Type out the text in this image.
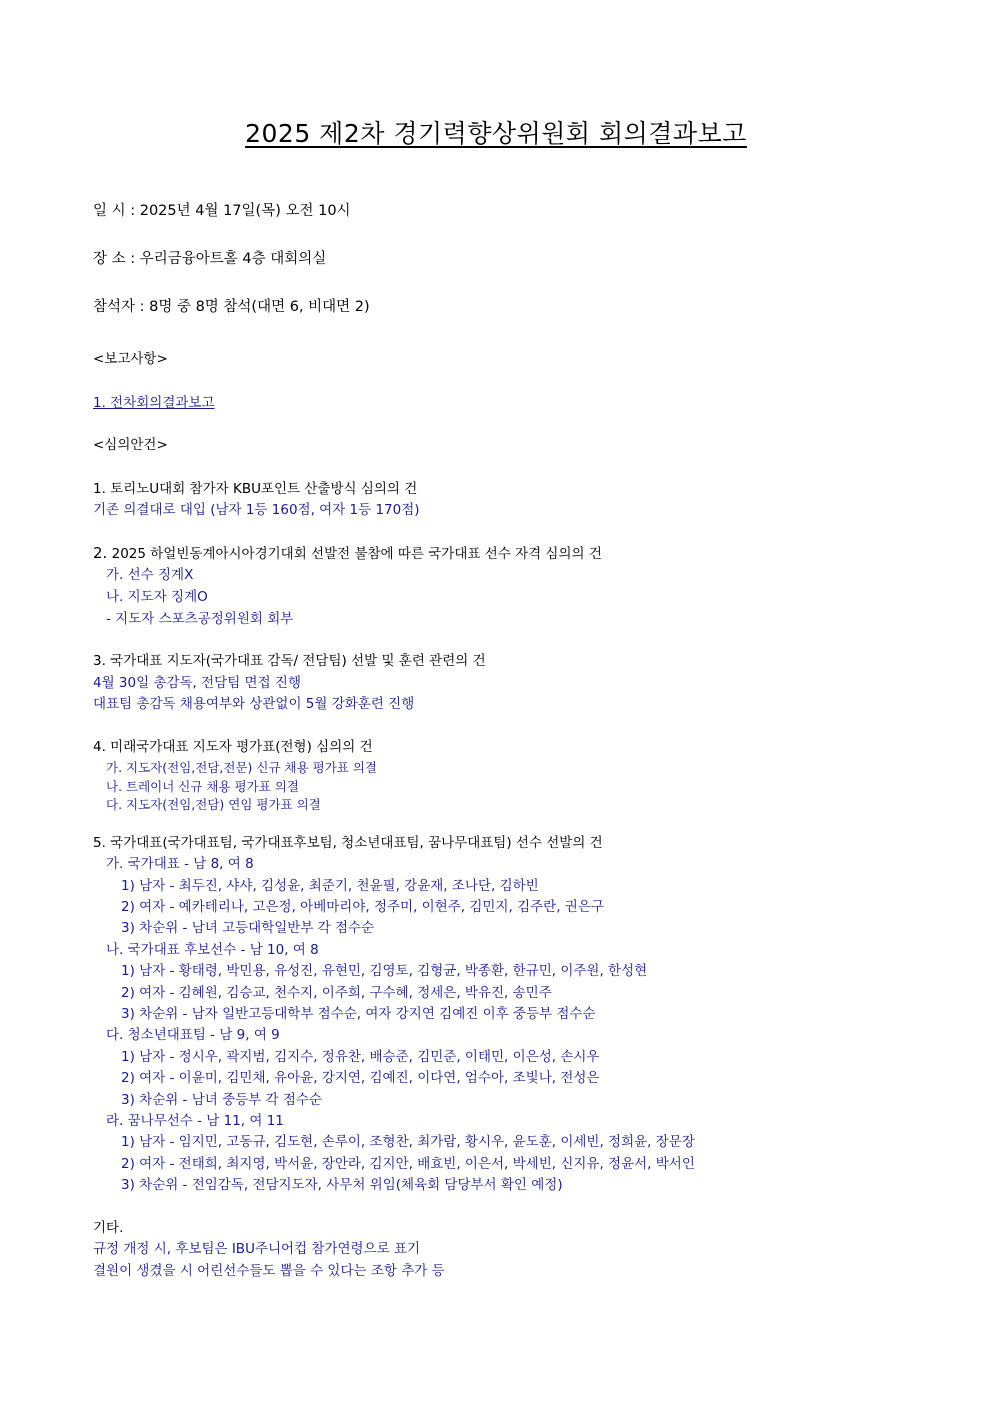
2025 제2차 경기력향상위원회 회의결과보고
일 시 : 2025년 4월 17일(목) 오전 10시
장 소 : 우리금융아트홀 4층 대회의실
참석자 : 8명 중 8명 참석(대면 6, 비대면 2)
<보고사항>
1. 전차회의결과보고
<심의안건>
1. 토리노U대회 참가자 KBU포인트 산출방식 심의의 건
기존 의결대로 대입 (남자 1등 160점, 여자 1등 170점)
2. 2025 하얼빈동계아시아경기대회 선발전 불참에 따른 국가대표 선수 자격 심의의 건
가. 선수 징계X
나. 지도자 징계O
- 지도자 스포츠공정위원회 회부
3. 국가대표 지도자(국가대표 감독/ 전담팀) 선발 및 훈련 관련의 건
4월 30일 총감독, 전담팀 면접 진행
대표팀 총감독 채용여부와 상관없이 5월 강화훈련 진행
4. 미래국가대표 지도자 평가표(전형) 심의의 건
가. 지도자(전임,전담,전문) 신규 채용 평가표 의결
나. 트레이너 신규 채용 평가표 의결
다. 지도자(전임,전담) 연임 평가표 의결
5. 국가대표(국가대표팀, 국가대표후보팀, 청소년대표팀, 꿈나무대표팀) 선수 선발의 건
가. 국가대표 - 남 8, 여 8
1) 남자 - 최두진, 샤샤, 김성윤, 최준기, 천윤필, 강윤재, 조나단, 김하빈
2) 여자 - 예카테리나, 고은정, 아베마리야, 정주미, 이현주, 김민지, 김주란, 권은구
3) 차순위 - 남녀 고등대학일반부 각 점수순
나. 국가대표 후보선수 - 남 10, 여 8
1) 남자 - 황태령, 박민용, 유성진, 유현민, 김영토, 김형균, 박종환, 한규민, 이주원, 한성현
2) 여자 - 김혜원, 김승교, 천수지, 이주희, 구수혜, 정세은, 박유진, 송민주
3) 차순위 - 남자 일반고등대학부 점수순, 여자 강지연 김예진 이후 중등부 점수순
다. 청소년대표팀 - 남 9, 여 9
1) 남자 - 정시우, 곽지범, 김지수, 정유찬, 배승준, 김민준, 이태민, 이은성, 손시우
2) 여자 - 이윤미, 김민채, 유아윤, 강지연, 김예진, 이다연, 엄수아, 조빛나, 전성은
3) 차순위 - 남녀 중등부 각 점수순
라. 꿈나무선수 - 남 11, 여 11
1) 남자 - 임지민, 고동규, 김도현, 손루이, 조형찬, 최가람, 황시우, 윤도훈, 이세빈, 정희윤, 장문장
2) 여자 - 전태희, 최지영, 박서윤, 장안라, 김지안, 배효빈, 이은서, 박세빈, 신지유, 정윤서, 박서인
3) 차순위 - 전임감독, 전담지도자, 사무처 위임(체육회 담당부서 확인 예정)
기타.
규정 개정 시, 후보팀은 IBU주니어컵 참가연령으로 표기
결원이 생겼을 시 어린선수들도 뽑을 수 있다는 조항 추가 등
